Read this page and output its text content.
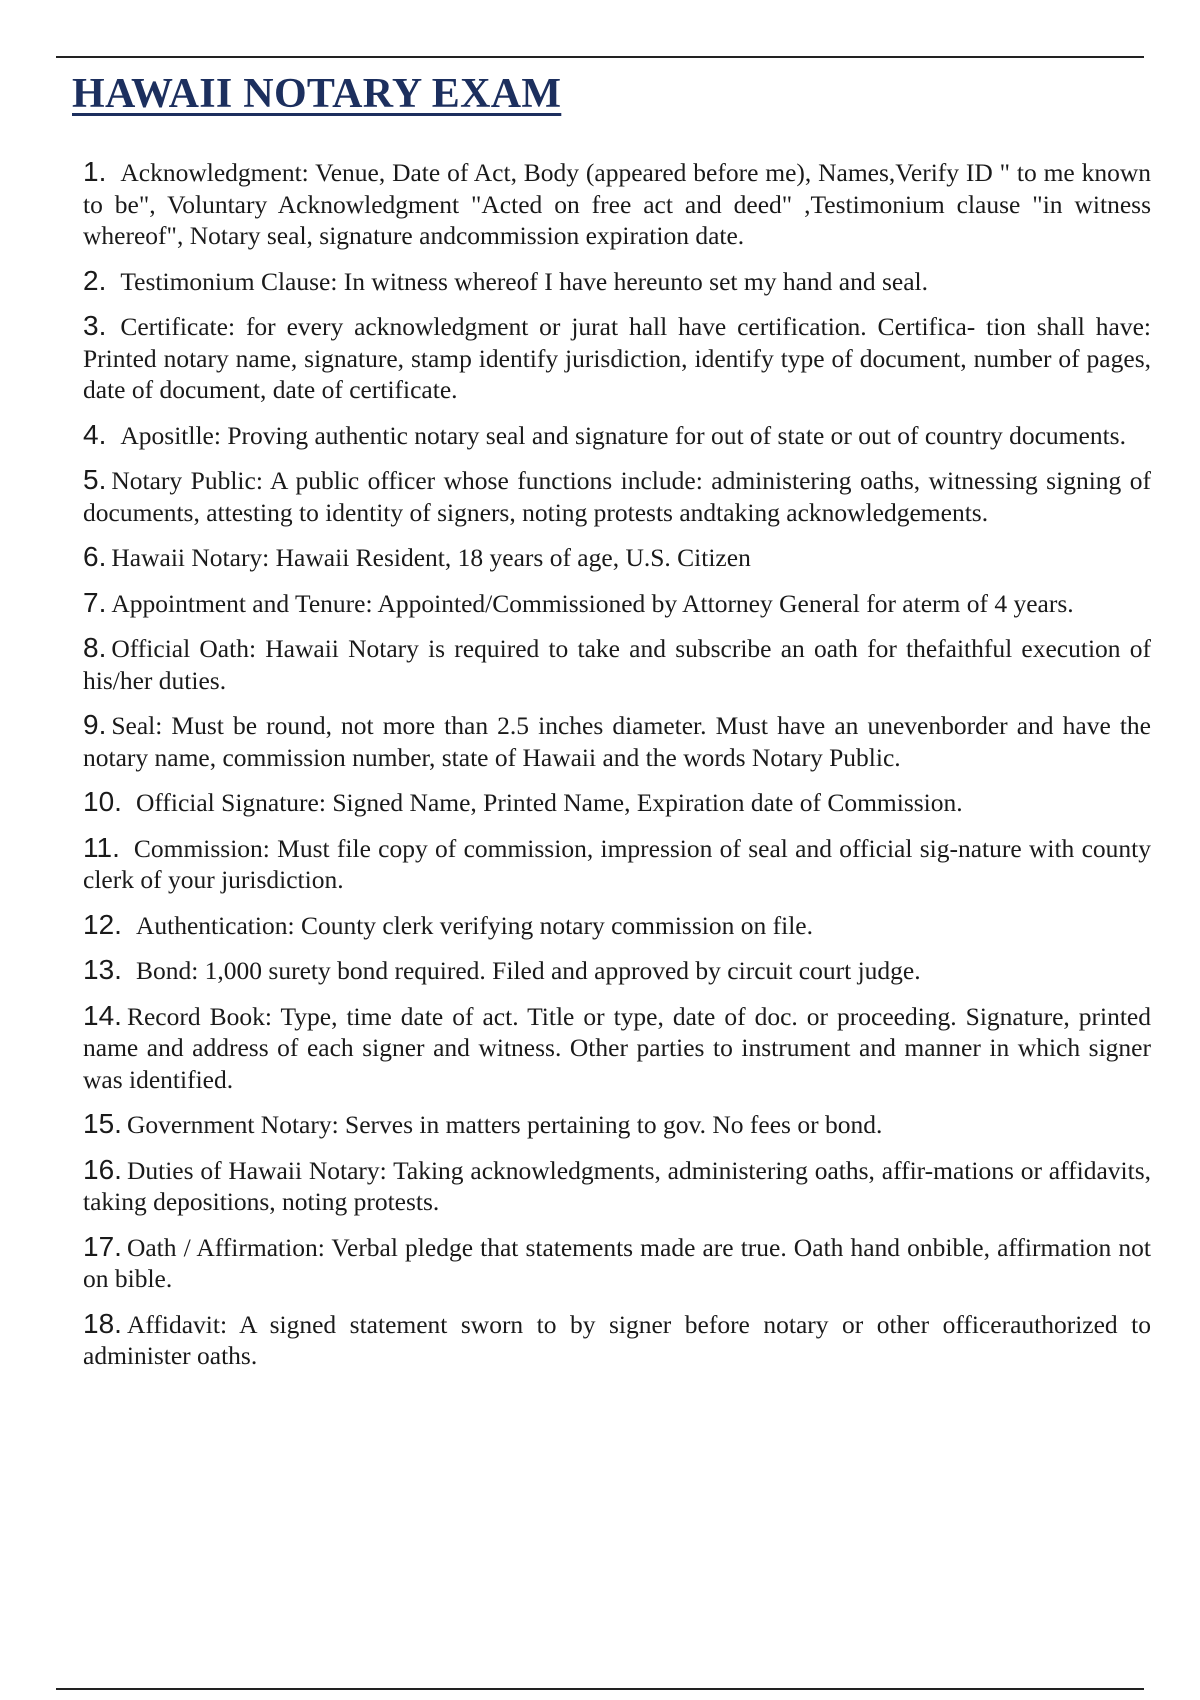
HAWAII NOTARY EXAM
1. Acknowledgment: Venue, Date of Act, Body (appeared before me), Names,Verify ID " to me known to be", Voluntary Acknowledgment "Acted on free act and deed" ,Testimonium clause "in witness whereof", Notary seal, signature andcommission expiration date.
2. Testimonium Clause: In witness whereof I have hereunto set my hand and seal.
3. Certificate: for every acknowledgment or jurat hall have certification. Certifica- tion shall have: Printed notary name, signature, stamp identify jurisdiction, identify type of document, number of pages, date of document, date of certificate.
4. Apositlle: Proving authentic notary seal and signature for out of state or out of country documents.
5. Notary Public: A public officer whose functions include: administering oaths, witnessing signing of documents, attesting to identity of signers, noting protests andtaking acknowledgements.
6. Hawaii Notary: Hawaii Resident, 18 years of age, U.S. Citizen
7. Appointment and Tenure: Appointed/Commissioned by Attorney General for aterm of 4 years.
8. Official Oath: Hawaii Notary is required to take and subscribe an oath for thefaithful execution of his/her duties.
9. Seal: Must be round, not more than 2.5 inches diameter. Must have an unevenborder and have the notary name, commission number, state of Hawaii and the words Notary Public.
10. Official Signature: Signed Name, Printed Name, Expiration date of Commission.
11. Commission: Must file copy of commission, impression of seal and official sig-nature with county clerk of your jurisdiction.
12. Authentication: County clerk verifying notary commission on file.
13. Bond: 1,000 surety bond required. Filed and approved by circuit court judge.
14. Record Book: Type, time date of act. Title or type, date of doc. or proceeding. Signature, printed name and address of each signer and witness. Other parties to instrument and manner in which signer was identified.
15. Government Notary: Serves in matters pertaining to gov. No fees or bond.
16. Duties of Hawaii Notary: Taking acknowledgments, administering oaths, affir-mations or affidavits, taking depositions, noting protests.
17. Oath / Affirmation: Verbal pledge that statements made are true. Oath hand onbible, affirmation not on bible.
18. Affidavit: A signed statement sworn to by signer before notary or other officerauthorized to administer oaths.
